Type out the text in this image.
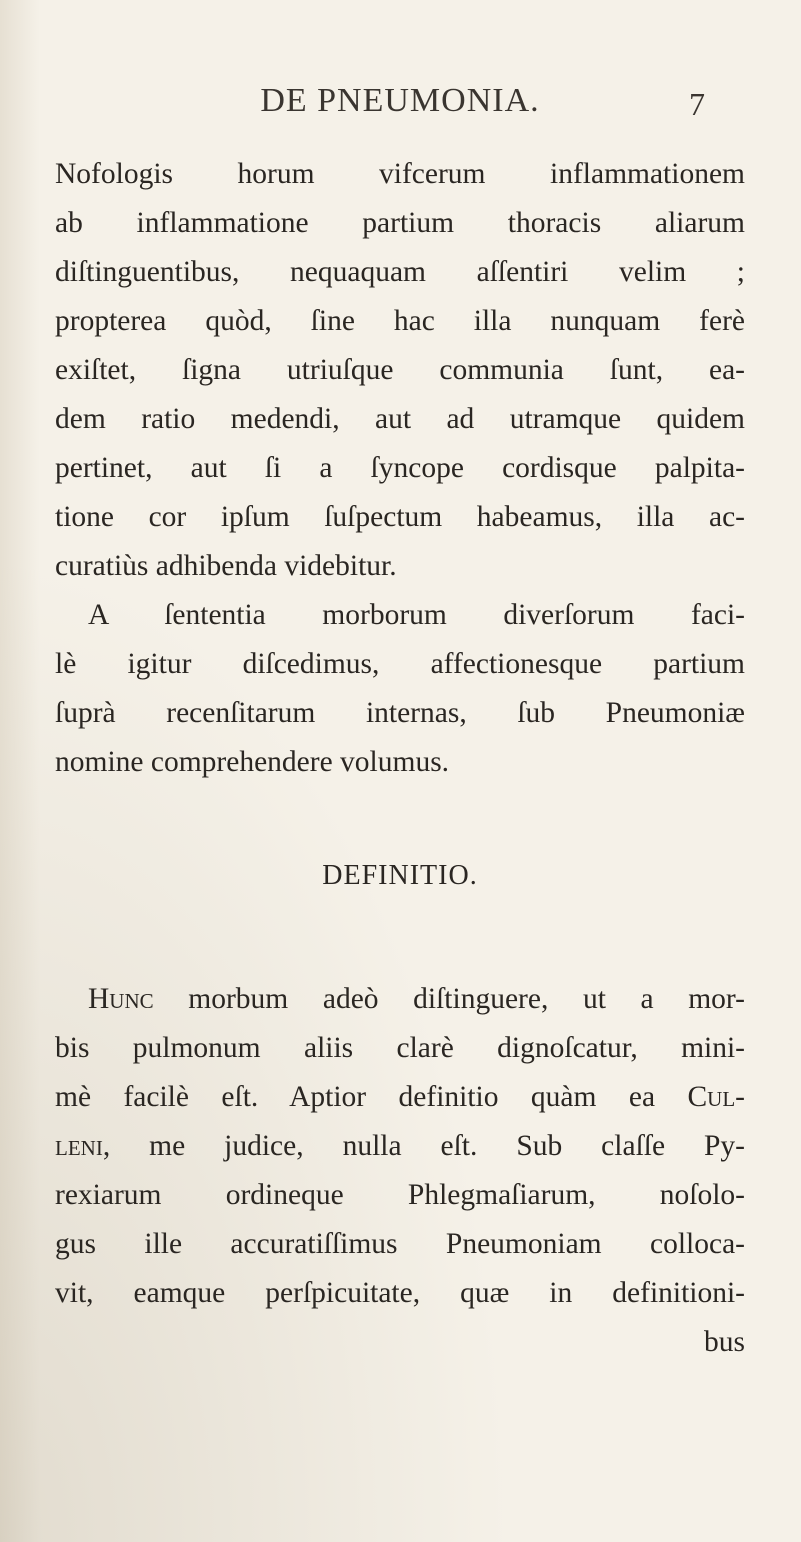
DE PNEUMONIA.	7
Nofologis horum vifcerum inflammationem
ab inflammatione partium thoracis aliarum
diſtinguentibus, nequaquam aſſentiri velim ;
propterea quòd, ſine hac illa nunquam ferè
exiſtet, ſigna utriuſque communia ſunt, ea-
dem ratio medendi, aut ad utramque quidem
pertinet, aut ſi a ſyncope cordisque palpita-
tione cor ipſum ſuſpectum habeamus, illa ac-
curatiùs adhibenda videbitur.
A ſententia morborum diverſorum faci-
lè igitur diſcedimus, affectionesque partium
ſuprà recenſitarum internas, ſub Pneumoniæ
nomine comprehendere volumus.
DEFINITIO.
Hunc morbum adeò diſtinguere, ut a mor-
bis pulmonum aliis clarè dignoſcatur, mini-
mè facilè eſt. Aptior definitio quàm ea Cul-
leni, me judice, nulla eſt. Sub claſſe Py-
rexiarum ordineque Phlegmaſiarum, noſolo-
gus ille accuratiſſimus Pneumoniam colloca-
vit, eamque perſpicuitate, quæ in definitioni-
bus
